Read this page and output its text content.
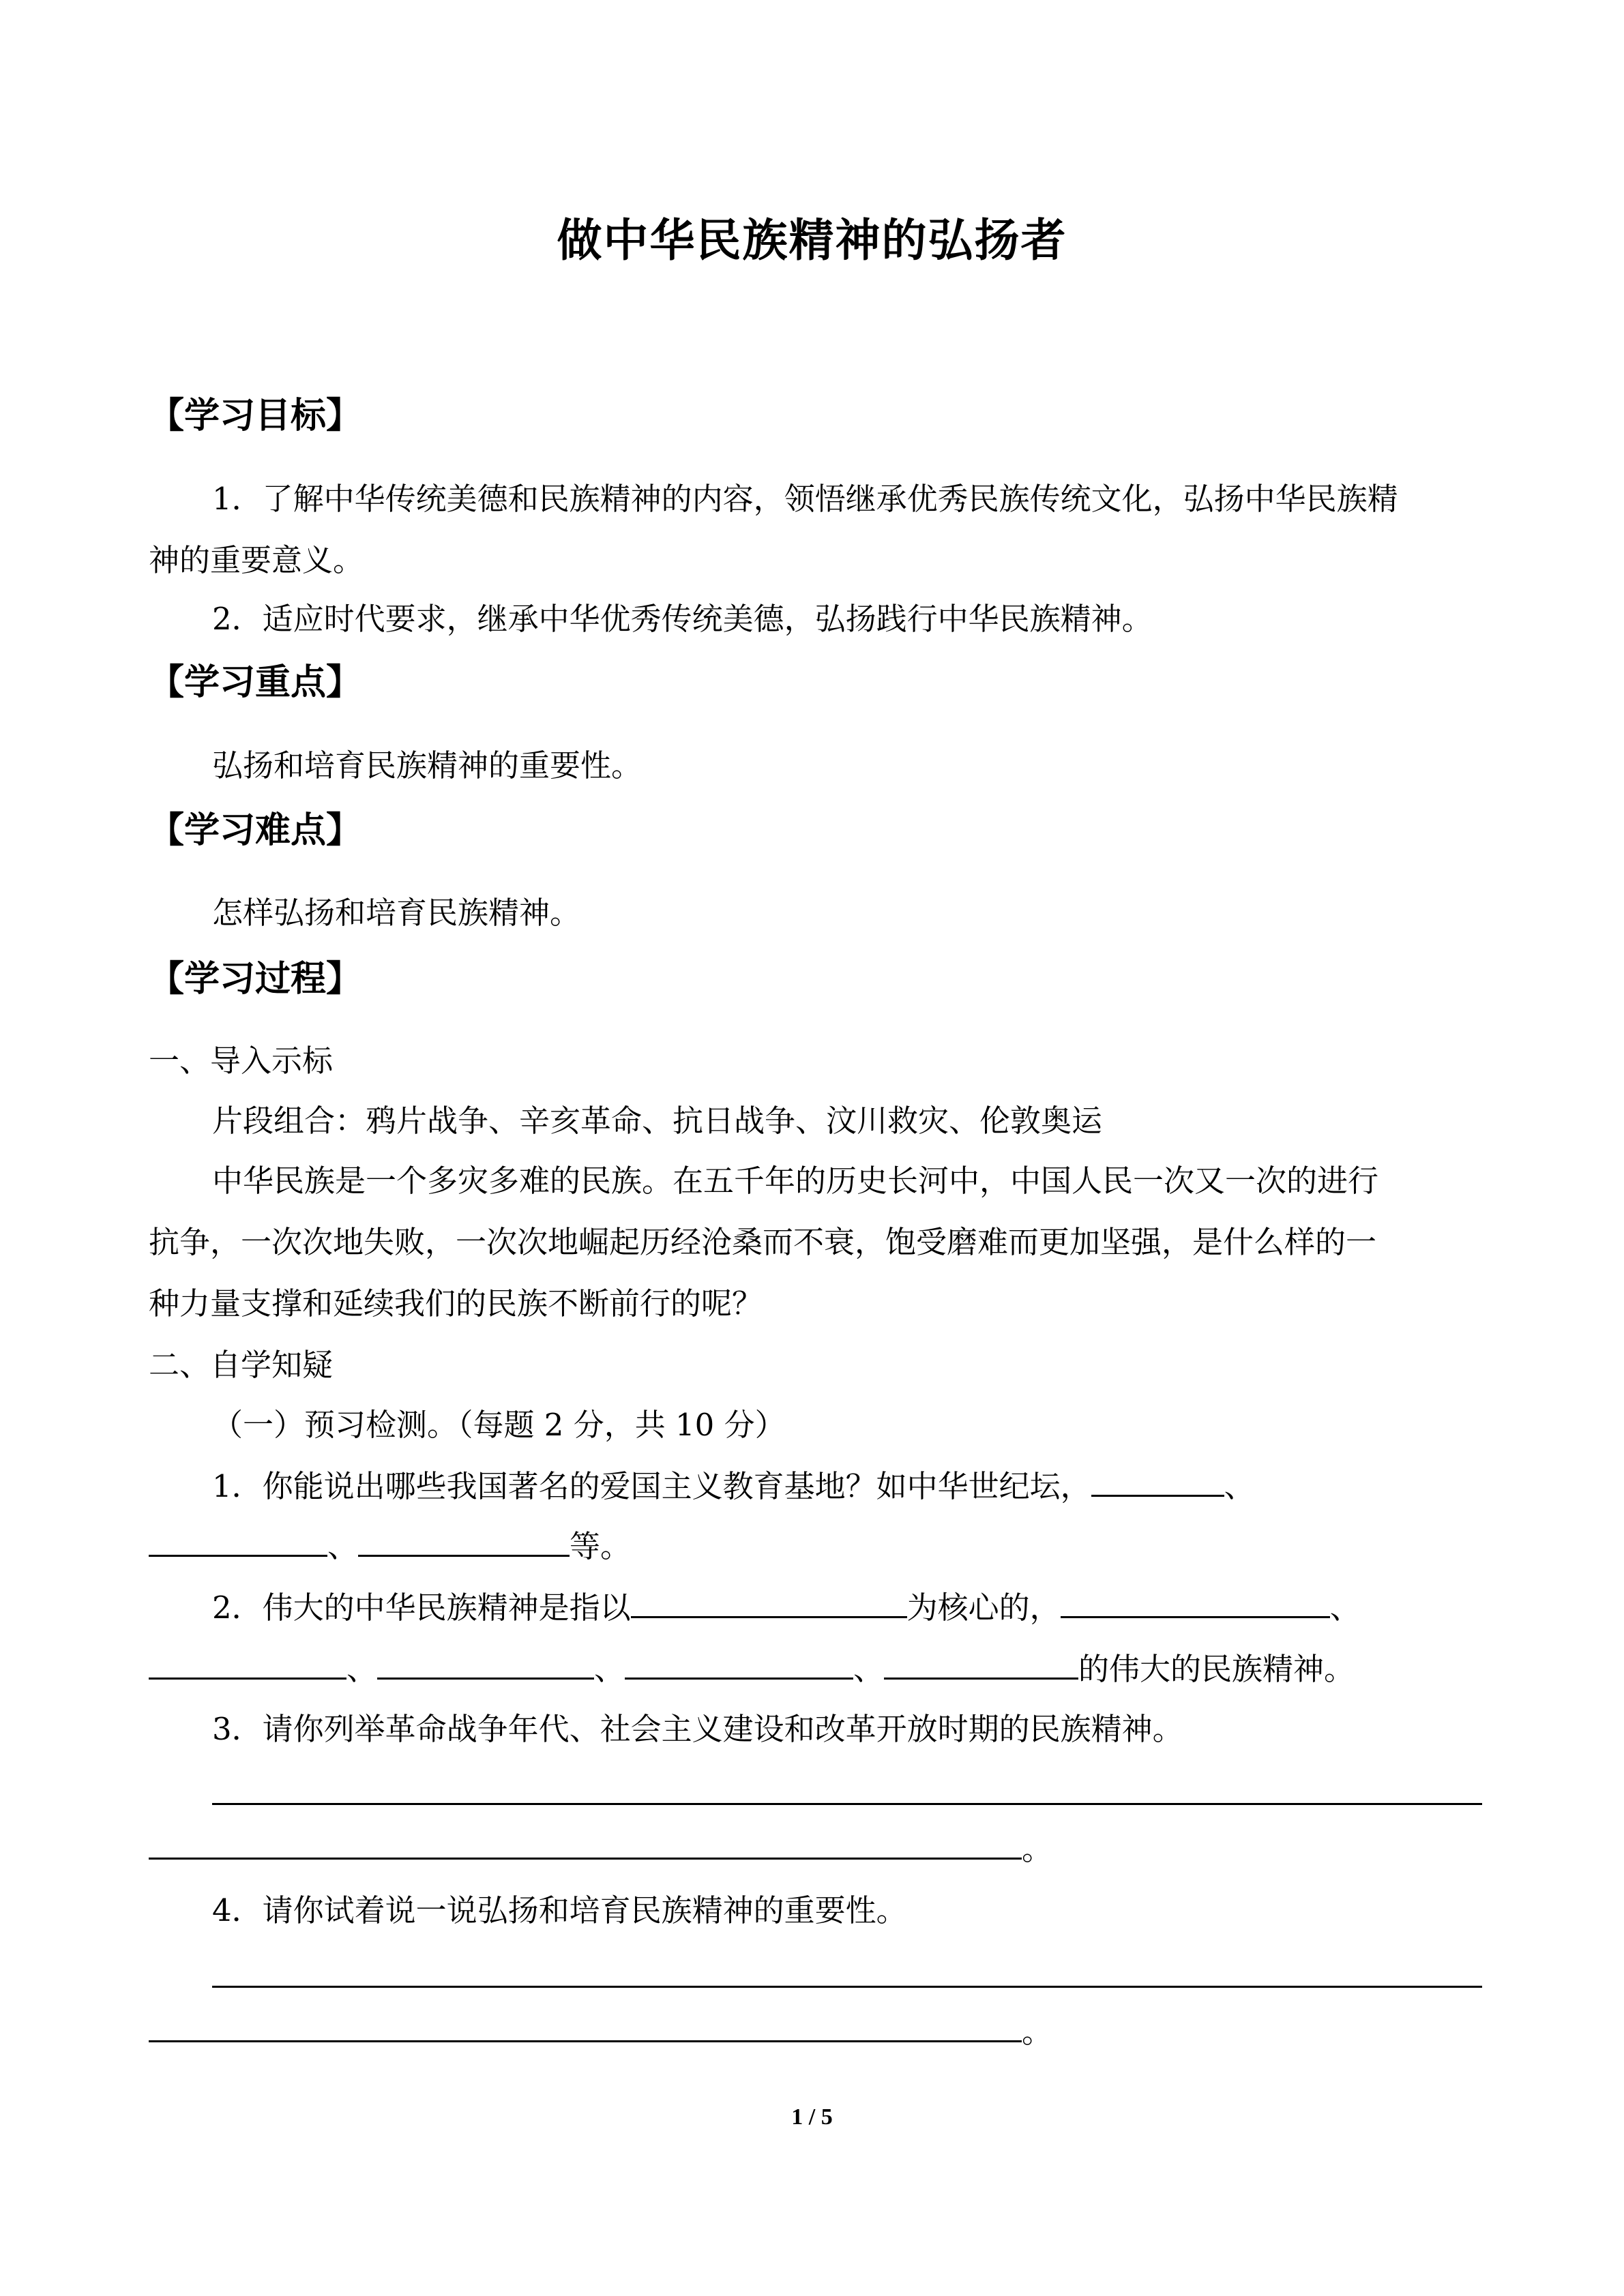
做中华民族精神的弘扬者
【学习目标】
1．了解中华传统美德和民族精神的内容，领悟继承优秀民族传统文化，弘扬中华民族精
神的重要意义。
2．适应时代要求，继承中华优秀传统美德，弘扬践行中华民族精神。
【学习重点】
弘扬和培育民族精神的重要性。
【学习难点】
怎样弘扬和培育民族精神。
【学习过程】
一、导入示标
片段组合：鸦片战争、辛亥革命、抗日战争、汶川救灾、伦敦奥运
中华民族是一个多灾多难的民族。在五千年的历史长河中，中国人民一次又一次的进行
抗争，一次次地失败，一次次地崛起历经沧桑而不衰，饱受磨难而更加坚强，是什么样的一
种力量支撑和延续我们的民族不断前行的呢？
二、自学知疑
（一）预习检测。（每题 2 分，共 10 分）
1．你能说出哪些我国著名的爱国主义教育基地？如中华世纪坛，	、
、	等。
2．伟大的中华民族精神是指以	为核心的，	、
、	、	、	的伟大的民族精神。
3．请你列举革命战争年代、社会主义建设和改革开放时期的民族精神。
。
4．请你试着说一说弘扬和培育民族精神的重要性。
。
1 / 5
